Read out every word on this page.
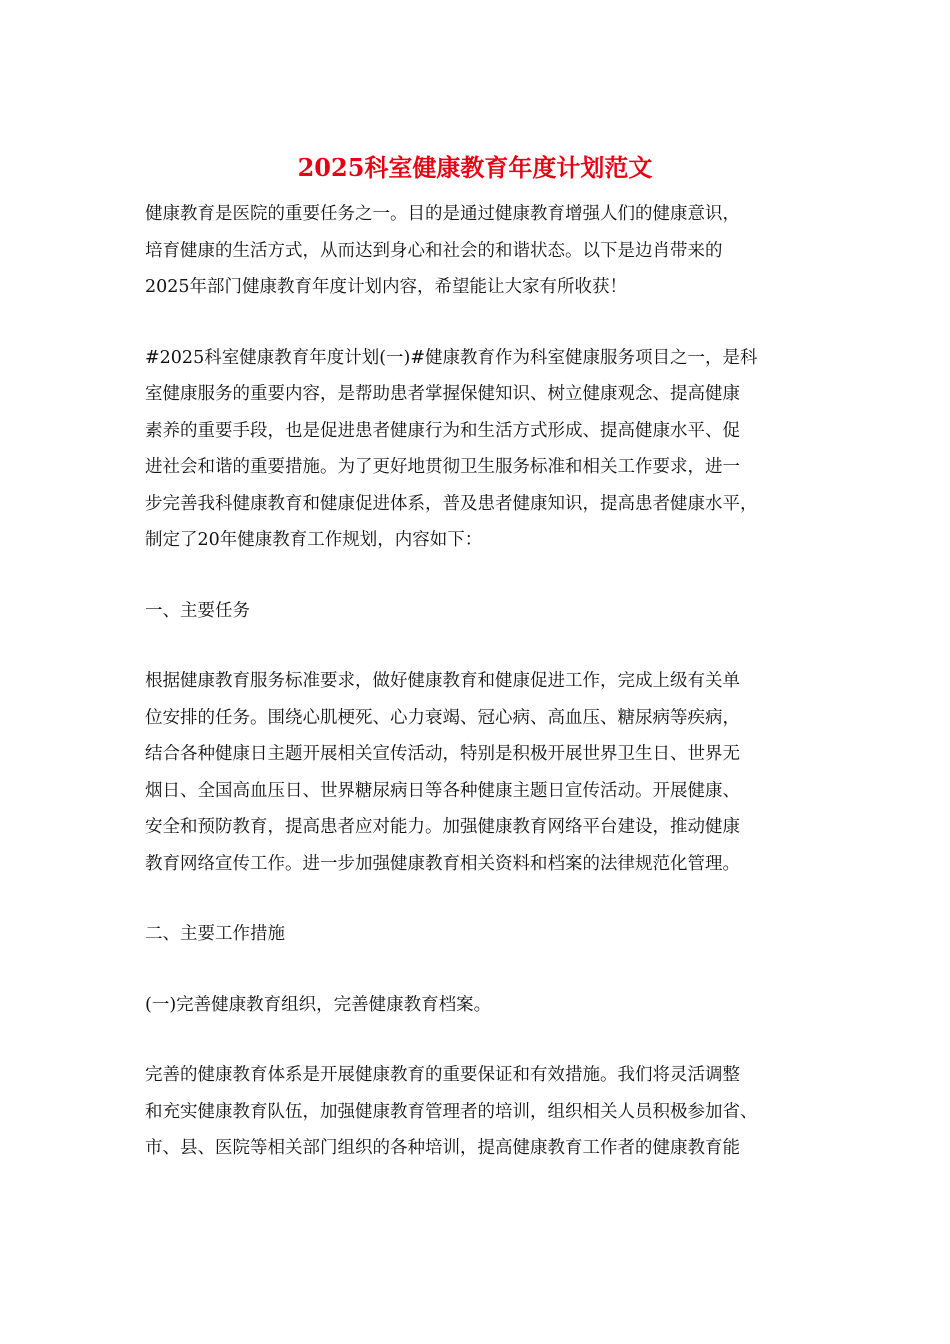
2025科室健康教育年度计划范文

健康教育是医院的重要任务之一。目的是通过健康教育增强人们的健康意识，
培育健康的生活方式，从而达到身心和社会的和谐状态。以下是边肖带来的
2025年部门健康教育年度计划内容，希望能让大家有所收获！

#2025科室健康教育年度计划(一)#健康教育作为科室健康服务项目之一，是科
室健康服务的重要内容，是帮助患者掌握保健知识、树立健康观念、提高健康
素养的重要手段，也是促进患者健康行为和生活方式形成、提高健康水平、促
进社会和谐的重要措施。为了更好地贯彻卫生服务标准和相关工作要求，进一
步完善我科健康教育和健康促进体系，普及患者健康知识，提高患者健康水平，
制定了20年健康教育工作规划，内容如下：

一、主要任务

根据健康教育服务标准要求，做好健康教育和健康促进工作，完成上级有关单
位安排的任务。围绕心肌梗死、心力衰竭、冠心病、高血压、糖尿病等疾病，
结合各种健康日主题开展相关宣传活动，特别是积极开展世界卫生日、世界无
烟日、全国高血压日、世界糖尿病日等各种健康主题日宣传活动。开展健康、
安全和预防教育，提高患者应对能力。加强健康教育网络平台建设，推动健康
教育网络宣传工作。进一步加强健康教育相关资料和档案的法律规范化管理。

二、主要工作措施

(一)完善健康教育组织，完善健康教育档案。

完善的健康教育体系是开展健康教育的重要保证和有效措施。我们将灵活调整
和充实健康教育队伍，加强健康教育管理者的培训，组织相关人员积极参加省、
市、县、医院等相关部门组织的各种培训，提高健康教育工作者的健康教育能
